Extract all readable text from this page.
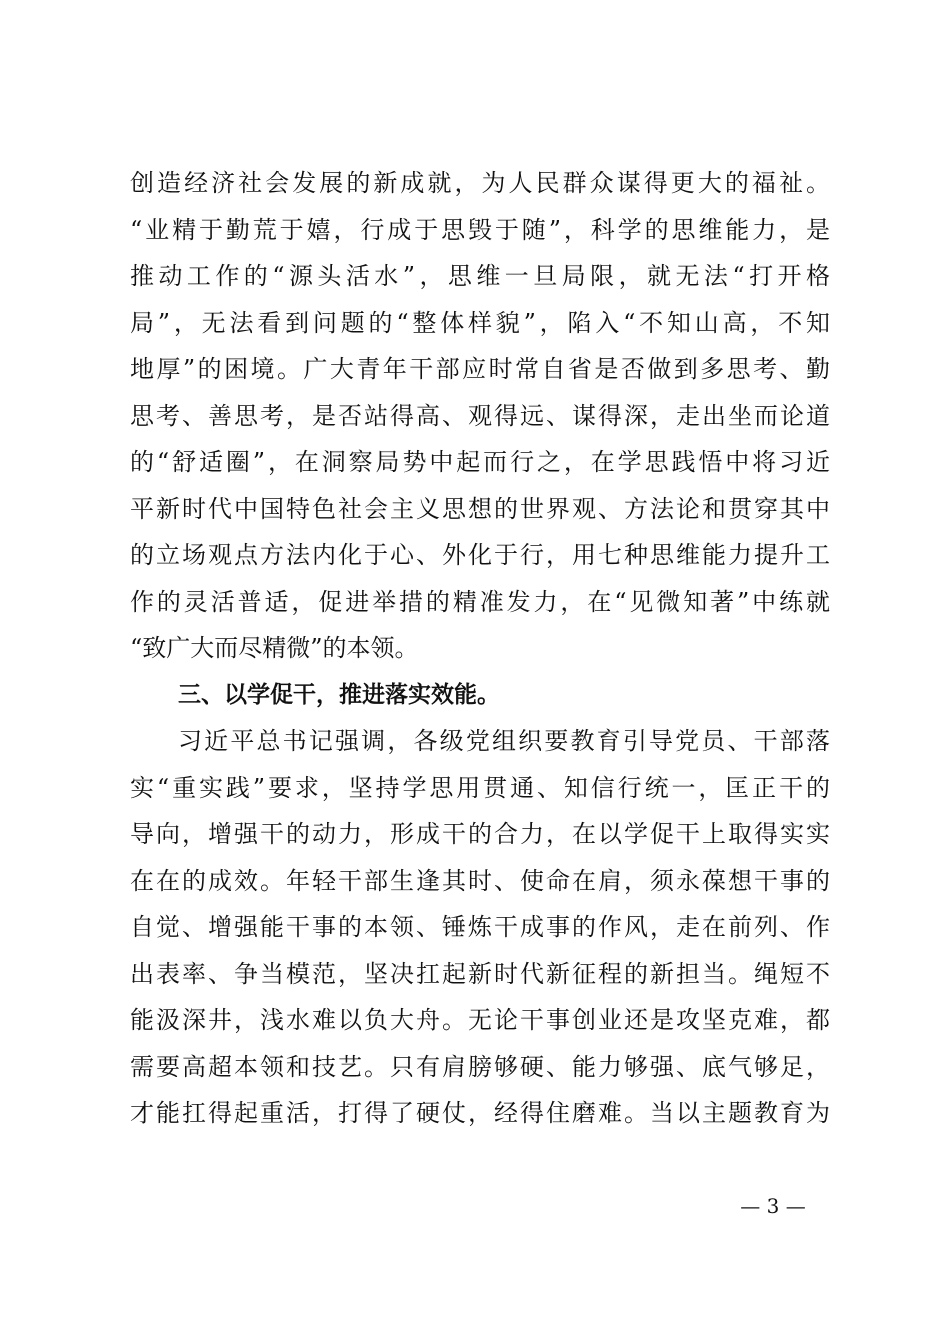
创造经济社会发展的新成就，为人民群众谋得更大的福祉。
“业精于勤荒于嬉，行成于思毁于随”，科学的思维能力，是
推动工作的“源头活水”，思维一旦局限，就无法“打开格
局”，无法看到问题的“整体样貌”，陷入“不知山高，不知
地厚”的困境。广大青年干部应时常自省是否做到多思考、勤
思考、善思考，是否站得高、观得远、谋得深，走出坐而论道
的“舒适圈”，在洞察局势中起而行之，在学思践悟中将习近
平新时代中国特色社会主义思想的世界观、方法论和贯穿其中
的立场观点方法内化于心、外化于行，用七种思维能力提升工
作的灵活普适，促进举措的精准发力，在“见微知著”中练就
“致广大而尽精微”的本领。
三、以学促干，推进落实效能。
习近平总书记强调，各级党组织要教育引导党员、干部落
实“重实践”要求，坚持学思用贯通、知信行统一，匡正干的
导向，增强干的动力，形成干的合力，在以学促干上取得实实
在在的成效。年轻干部生逢其时、使命在肩，须永葆想干事的
自觉、增强能干事的本领、锤炼干成事的作风，走在前列、作
出表率、争当模范，坚决扛起新时代新征程的新担当。绳短不
能汲深井，浅水难以负大舟。无论干事创业还是攻坚克难，都
需要高超本领和技艺。只有肩膀够硬、能力够强、底气够足，
才能扛得起重活，打得了硬仗，经得住磨难。当以主题教育为
— 3 —
